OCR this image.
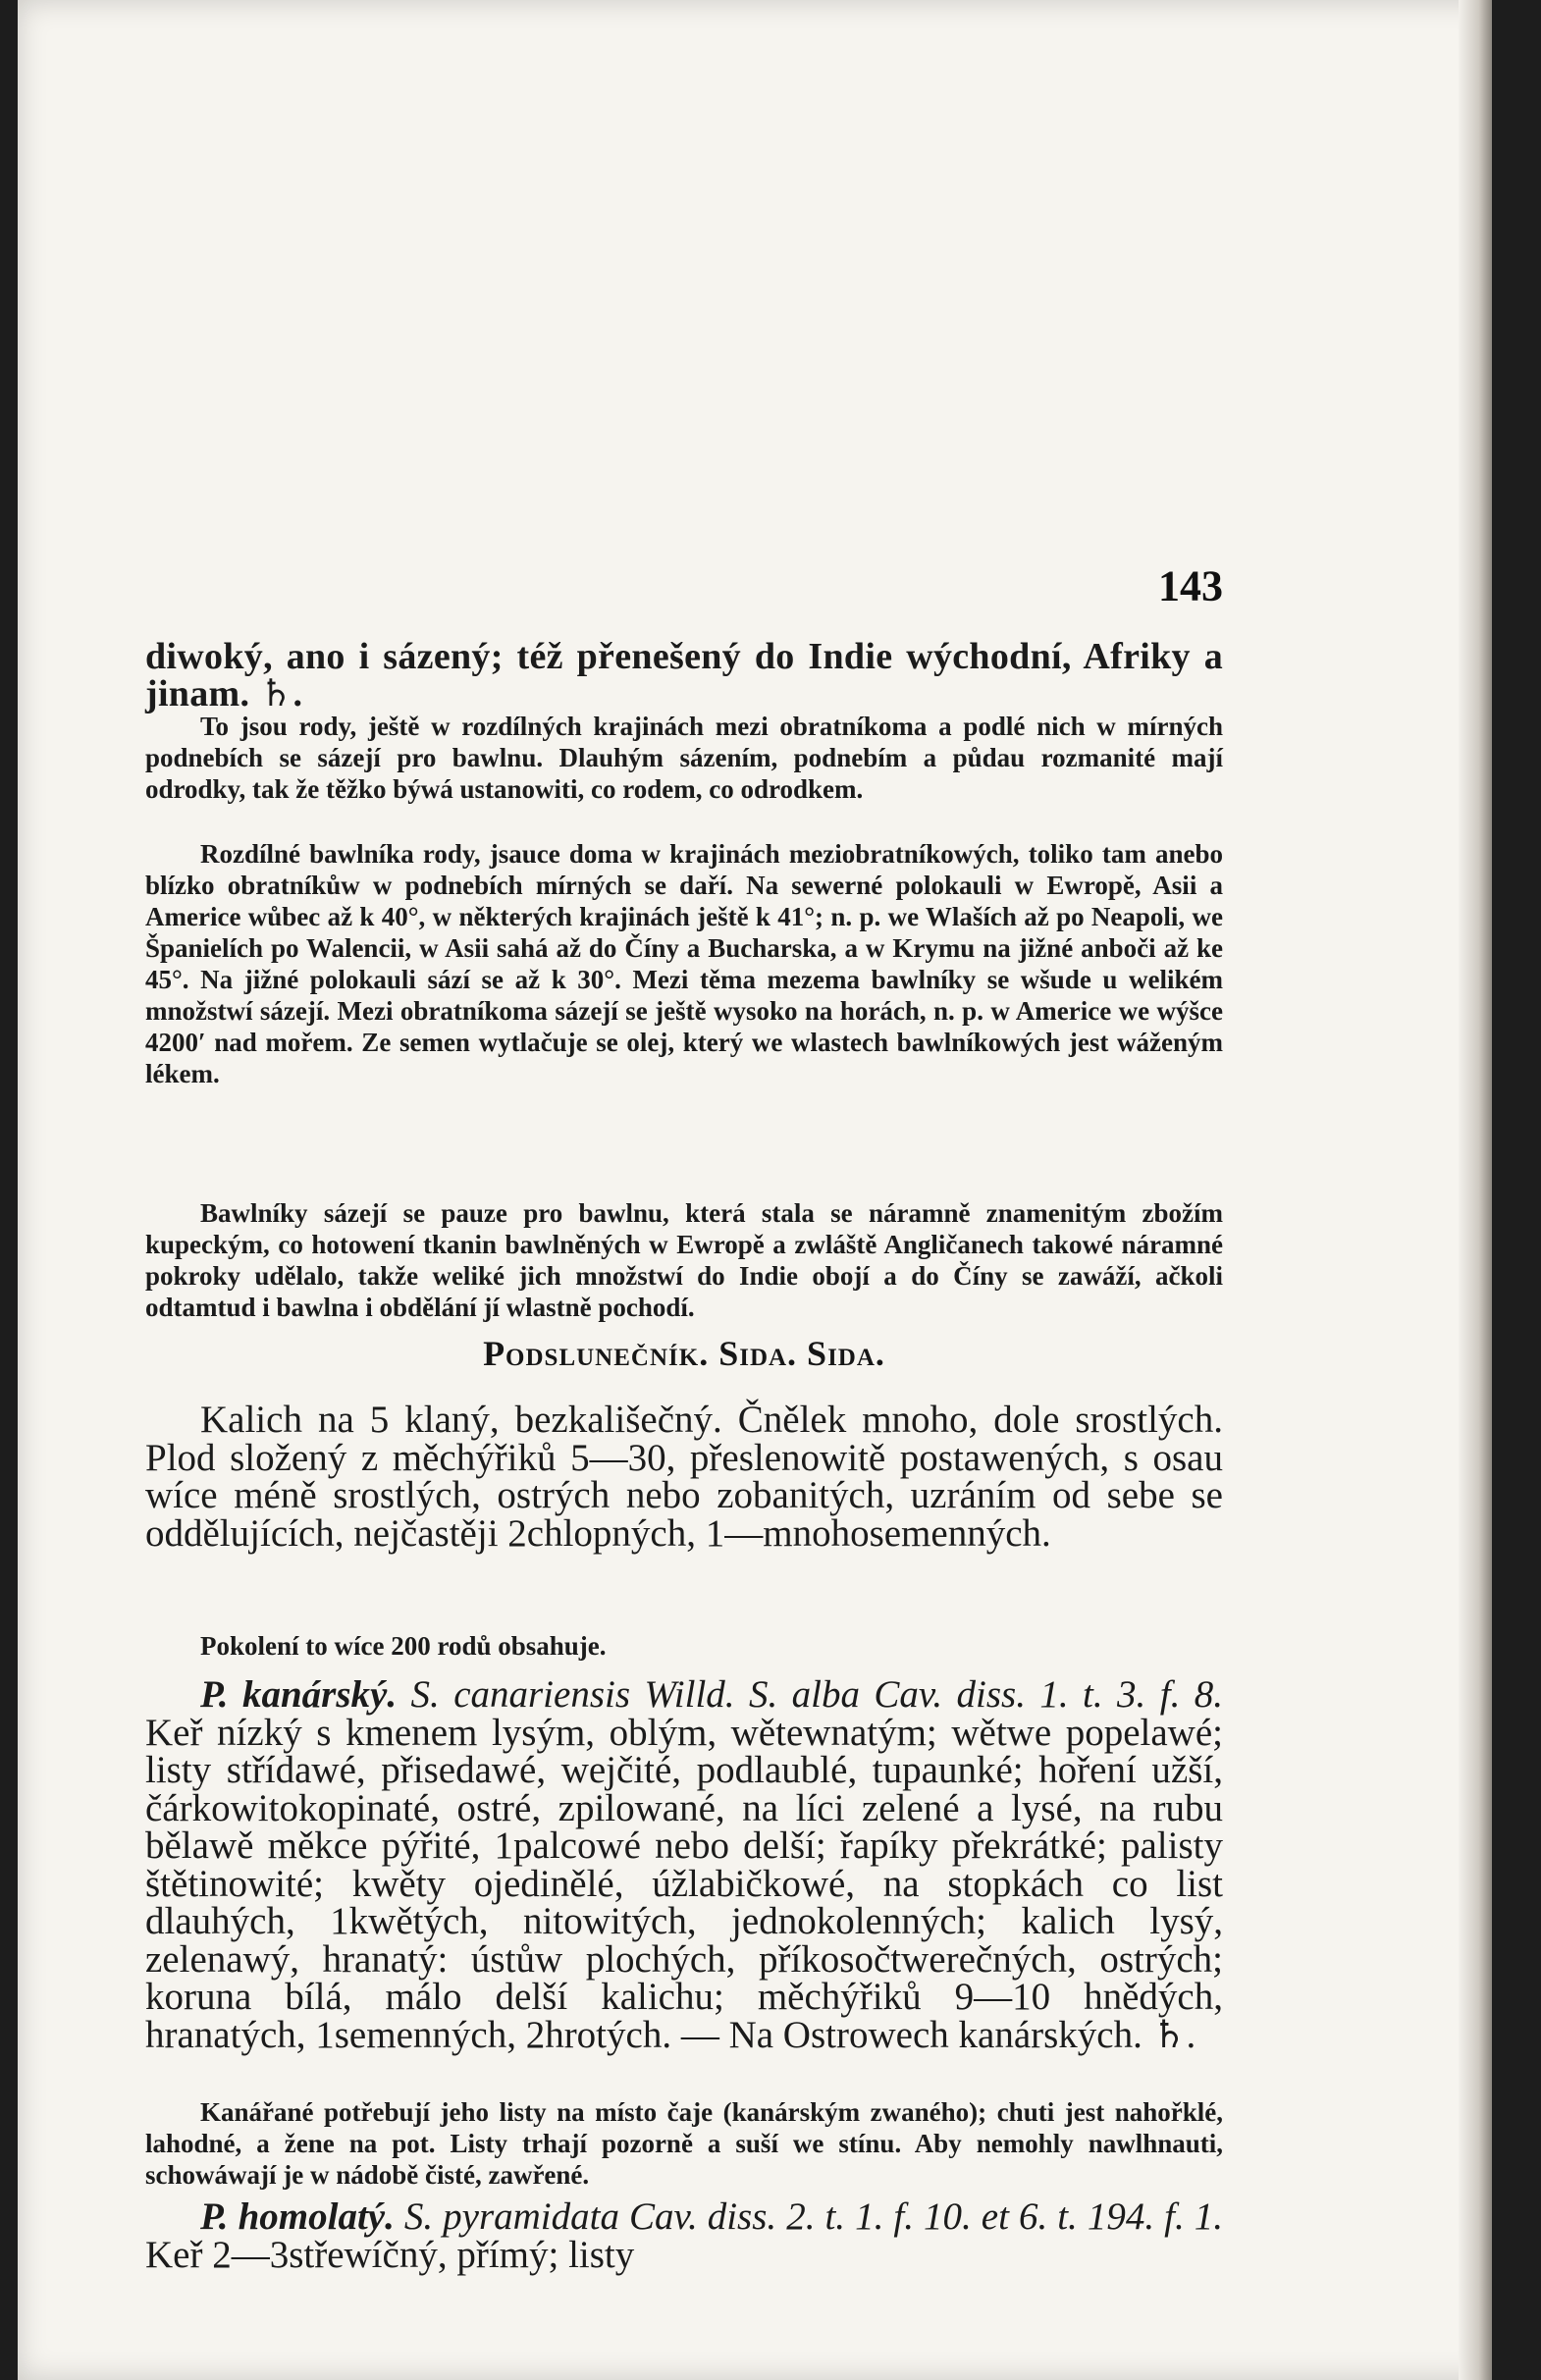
143

diwoký, ano i sázený; též přenešený do Indie wýchodní, Afriky a jinam. ♄.

To jsou rody, ještě w rozdílných krajinách mezi obratníkoma a podlé nich w mírných podnebích se sázejí pro bawlnu. Dlauhým sázením, podnebím a půdau rozmanité mají odrodky, tak že těžko býwá ustanowiti, co rodem, co odrodkem.

Rozdílné bawlníka rody, jsauce doma w krajinách meziobratníkowých, toliko tam anebo blízko obratníkůw w podnebích mírných se daří. Na sewerné polokauli w Ewropě, Asii a Americe wůbec až k 40°, w některých krajinách ještě k 41°; n. p. we Wlaších až po Neapoli, we Španielích po Walencii, w Asii sahá až do Číny a Bucharska, a w Krymu na jižné anboči až ke 45°. Na jižné polokauli sází se až k 30°. Mezi těma mezema bawlníky se wšude u welikém množstwí sázejí. Mezi obratníkoma sázejí se ještě wysoko na horách, n. p. w Americe we wýšce 4200′ nad mořem. Ze semen wytlačuje se olej, který we wlastech bawlníkowých jest wáženým lékem.

Bawlníky sázejí se pauze pro bawlnu, která stala se náramně znamenitým zbožím kupeckým, co hotowení tkanin bawlněných w Ewropě a zwláště Angličanech takowé náramné pokroky udělalo, takže weliké jich množstwí do Indie obojí a do Číny se zawáží, ačkoli odtamtud i bawlna i obdělání jí wlastně pochodí.

Podslunečník. Sida. Sida.

Kalich na 5 klaný, bezkališečný. Čnělek mnoho, dole srostlých. Plod složený z měchýřiků 5—30, přeslenowitě postawených, s osau wíce méně srostlých, ostrých nebo zobanitých, uzráním od sebe se oddělujících, nejčastěji 2chlopných, 1—mnohosemenných.

Pokolení to wíce 200 rodů obsahuje.

P. kanárský. S. canariensis Willd. S. alba Cav. diss. 1. t. 3. f. 8. Keř nízký s kmenem lysým, oblým, wětewnatým; wětwe popelawé; listy střídawé, přisedawé, wejčité, podlaublé, tupaunké; hoření užší, čárkowitokopinaté, ostré, zpilowané, na líci zelené a lysé, na rubu bělawě měkce pýřité, 1palcowé nebo delší; řapíky překrátké; palisty štětinowité; kwěty ojedinělé, úžlabičkowé, na stopkách co list dlauhých, 1kwětých, nitowitých, jednokolenných; kalich lysý, zelenawý, hranatý: ústůw plochých, příkosočtwerečných, ostrých; koruna bílá, málo delší kalichu; měchýřiků 9—10 hnědých, hranatých, 1semenných, 2hrotých. — Na Ostrowech kanárských. ♄.

Kanářané potřebují jeho listy na místo čaje (kanárským zwaného); chuti jest nahořklé, lahodné, a žene na pot. Listy trhají pozorně a suší we stínu. Aby nemohly nawlhnauti, schowáwají je w nádobě čisté, zawřené.

P. homolatý. S. pyramidata Cav. diss. 2. t. 1. f. 10. et 6. t. 194. f. 1. Keř 2—3střewíčný, přímý; listy
